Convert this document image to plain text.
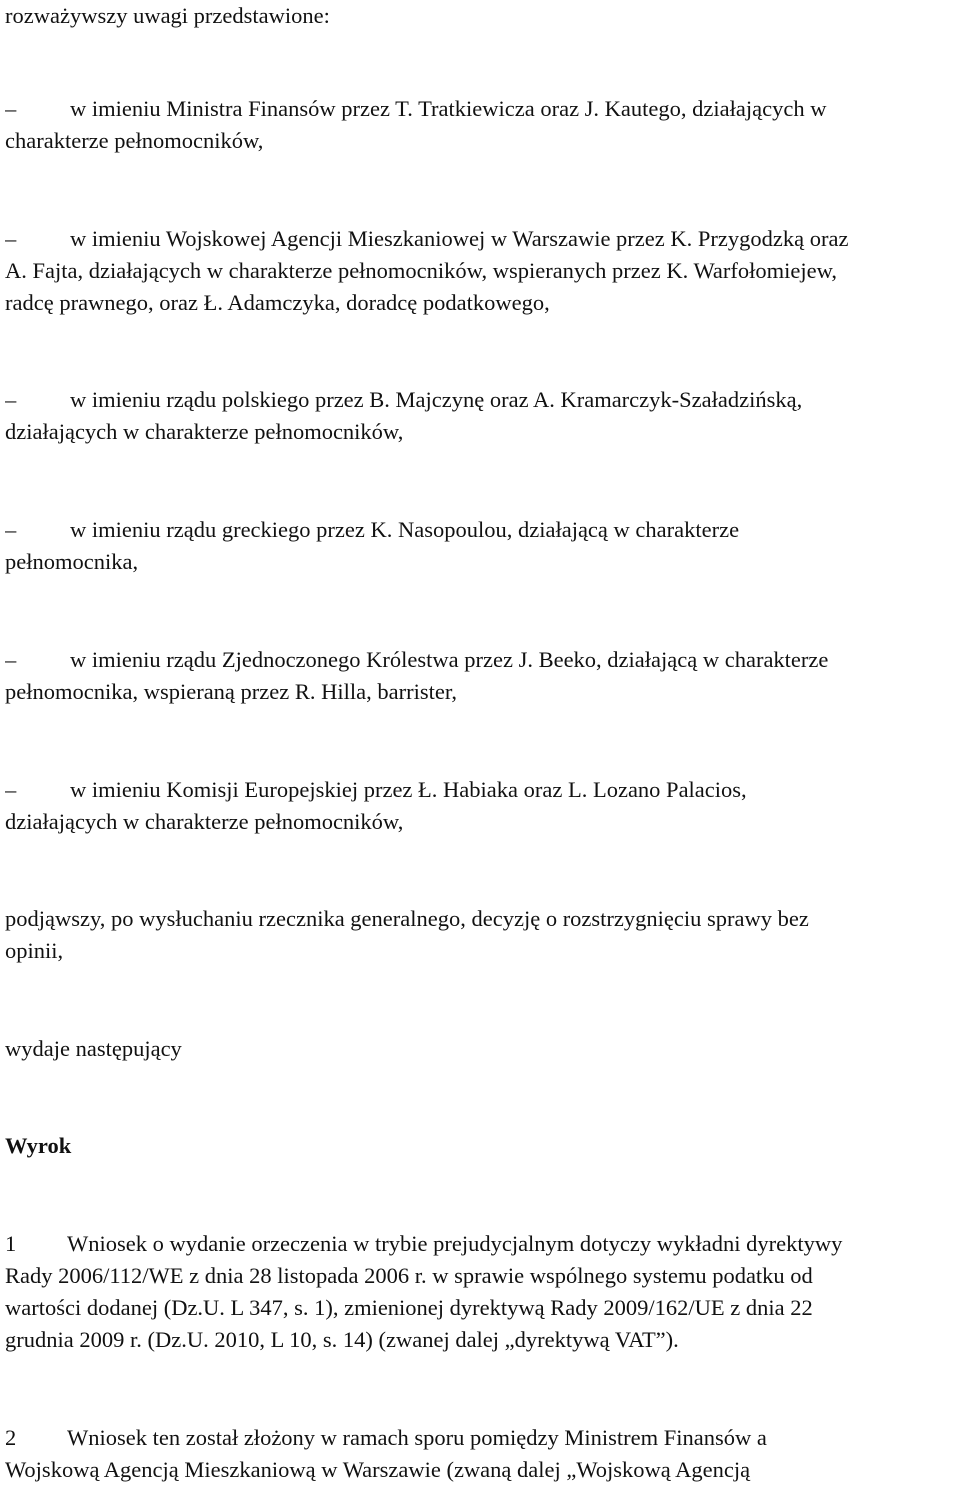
rozważywszy uwagi przedstawione:
– w imieniu Ministra Finansów przez T. Tratkiewicza oraz J. Kautego, działających w
charakterze pełnomocników,
– w imieniu Wojskowej Agencji Mieszkaniowej w Warszawie przez K. Przygodzką oraz
A. Fajta, działających w charakterze pełnomocników, wspieranych przez K. Warfołomiejew,
radcę prawnego, oraz Ł. Adamczyka, doradcę podatkowego,
– w imieniu rządu polskiego przez B. Majczynę oraz A. Kramarczyk-Szaładzińską,
działających w charakterze pełnomocników,
– w imieniu rządu greckiego przez K. Nasopoulou, działającą w charakterze
pełnomocnika,
– w imieniu rządu Zjednoczonego Królestwa przez J. Beeko, działającą w charakterze
pełnomocnika, wspieraną przez R. Hilla, barrister,
– w imieniu Komisji Europejskiej przez Ł. Habiaka oraz L. Lozano Palacios,
działających w charakterze pełnomocników,
podjąwszy, po wysłuchaniu rzecznika generalnego, decyzję o rozstrzygnięciu sprawy bez
opinii,
wydaje następujący
Wyrok
1 Wniosek o wydanie orzeczenia w trybie prejudycjalnym dotyczy wykładni dyrektywy
Rady 2006/112/WE z dnia 28 listopada 2006 r. w sprawie wspólnego systemu podatku od
wartości dodanej (Dz.U. L 347, s. 1), zmienionej dyrektywą Rady 2009/162/UE z dnia 22
grudnia 2009 r. (Dz.U. 2010, L 10, s. 14) (zwanej dalej „dyrektywą VAT”).
2 Wniosek ten został złożony w ramach sporu pomiędzy Ministrem Finansów a
Wojskową Agencją Mieszkaniową w Warszawie (zwaną dalej „Wojskową Agencją
